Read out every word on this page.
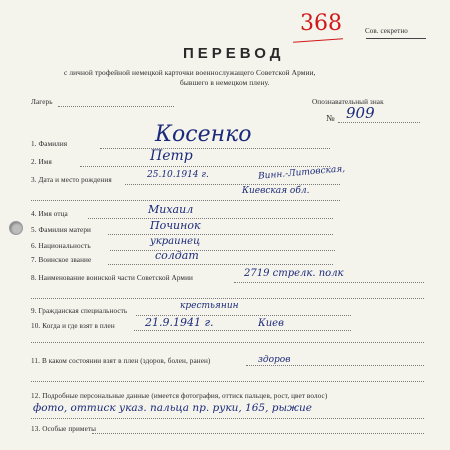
Сов. секретно
368
ПЕРЕВОД
с личной трофейной немецкой карточки военнослужащего Советской Армии,
бывшего в немецком плену.
Лагерь	Опознавательный знак
№ 909
1. Фамилия	Косенко
2. Имя	Петр
3. Дата и место рождения	25.10.1914 г.	Винн.-Литовская,
Киевская обл.
4. Имя отца	Михаил
5. Фамилия матери	Починок
6. Национальность	украинец
7. Воинское звание	солдат
8. Наименование воинской части Советской Армии	2719 стрелк. полк
9. Гражданская специальность	крестьянин
10. Когда и где взят в плен	21.9.1941 г.	Киев
11. В каком состоянии взят в плен (здоров, болен, ранен)	здоров
12. Подробные персональные данные (имеется фотография, оттиск пальцев, рост, цвет волос)
фото, оттиск указ. пальца пр. руки, 165, рыжие
13. Особые приметы
